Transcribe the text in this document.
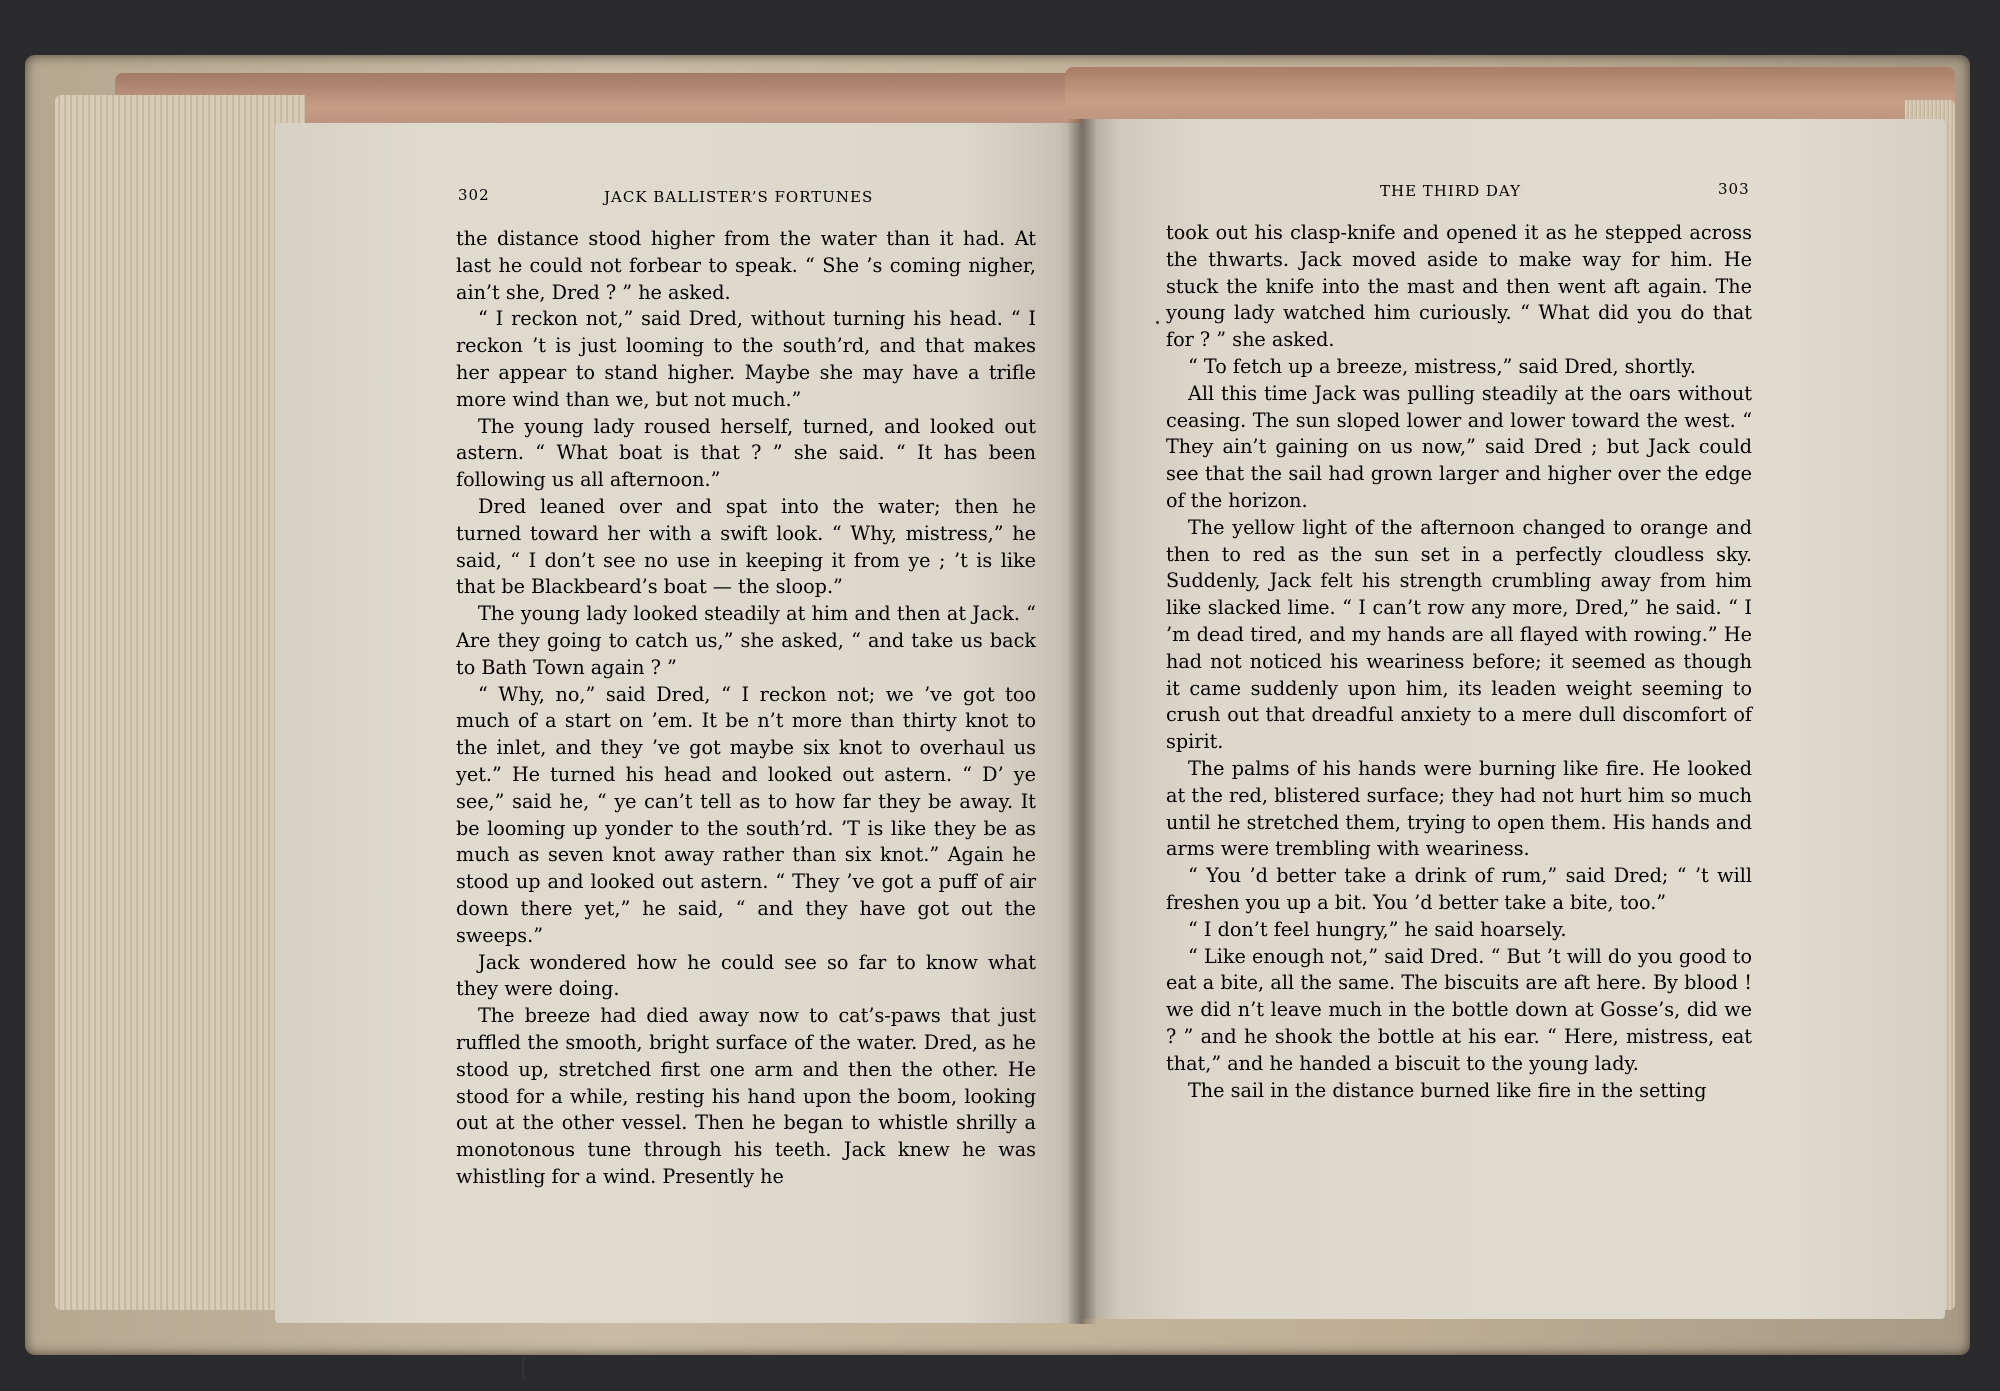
302	JACK BALLISTER’S FORTUNES	THE THIRD DAY	303

the distance stood higher from the water than it had. At last he could not forbear to speak. “ She ’s coming nigher, ain’t she, Dred ? ” he asked.

“ I reckon not,” said Dred, without turning his head. “ I reckon ’t is just looming to the south’rd, and that makes her appear to stand higher. Maybe she may have a trifle more wind than we, but not much.”

The young lady roused herself, turned, and looked out astern. “ What boat is that ? ” she said. “ It has been following us all afternoon.”

Dred leaned over and spat into the water; then he turned toward her with a swift look. “ Why, mistress,” he said, “ I don’t see no use in keeping it from ye ; ’t is like that be Blackbeard’s boat — the sloop.”

The young lady looked steadily at him and then at Jack. “ Are they going to catch us,” she asked, “ and take us back to Bath Town again ? ”

“ Why, no,” said Dred, “ I reckon not; we ’ve got too much of a start on ’em. It be n’t more than thirty knot to the inlet, and they ’ve got maybe six knot to overhaul us yet.” He turned his head and looked out astern. “ D’ ye see,” said he, “ ye can’t tell as to how far they be away. It be looming up yonder to the south’rd. ’T is like they be as much as seven knot away rather than six knot.” Again he stood up and looked out astern. “ They ’ve got a puff of air down there yet,” he said, “ and they have got out the sweeps.”

Jack wondered how he could see so far to know what they were doing.

The breeze had died away now to cat’s-paws that just ruffled the smooth, bright surface of the water. Dred, as he stood up, stretched first one arm and then the other. He stood for a while, resting his hand upon the boom, looking out at the other vessel. Then he began to whistle shrilly a monotonous tune through his teeth. Jack knew he was whistling for a wind. Presently he

took out his clasp-knife and opened it as he stepped across the thwarts. Jack moved aside to make way for him. He stuck the knife into the mast and then went aft again. The young lady watched him curiously. “ What did you do that for ? ” she asked.

“ To fetch up a breeze, mistress,” said Dred, shortly.

All this time Jack was pulling steadily at the oars without ceasing. The sun sloped lower and lower toward the west. “ They ain’t gaining on us now,” said Dred ; but Jack could see that the sail had grown larger and higher over the edge of the horizon.

The yellow light of the afternoon changed to orange and then to red as the sun set in a perfectly cloudless sky. Suddenly, Jack felt his strength crumbling away from him like slacked lime. “ I can’t row any more, Dred,” he said. “ I ’m dead tired, and my hands are all flayed with rowing.” He had not noticed his weariness before; it seemed as though it came suddenly upon him, its leaden weight seeming to crush out that dreadful anxiety to a mere dull discomfort of spirit.

The palms of his hands were burning like fire. He looked at the red, blistered surface; they had not hurt him so much until he stretched them, trying to open them. His hands and arms were trembling with weariness.

“ You ’d better take a drink of rum,” said Dred; “ ’t will freshen you up a bit. You ’d better take a bite, too.”

“ I don’t feel hungry,” he said hoarsely.

“ Like enough not,” said Dred. “ But ’t will do you good to eat a bite, all the same. The biscuits are aft here. By blood ! we did n’t leave much in the bottle down at Gosse’s, did we ? ” and he shook the bottle at his ear. “ Here, mistress, eat that,” and he handed a biscuit to the young lady.

The sail in the distance burned like fire in the setting
